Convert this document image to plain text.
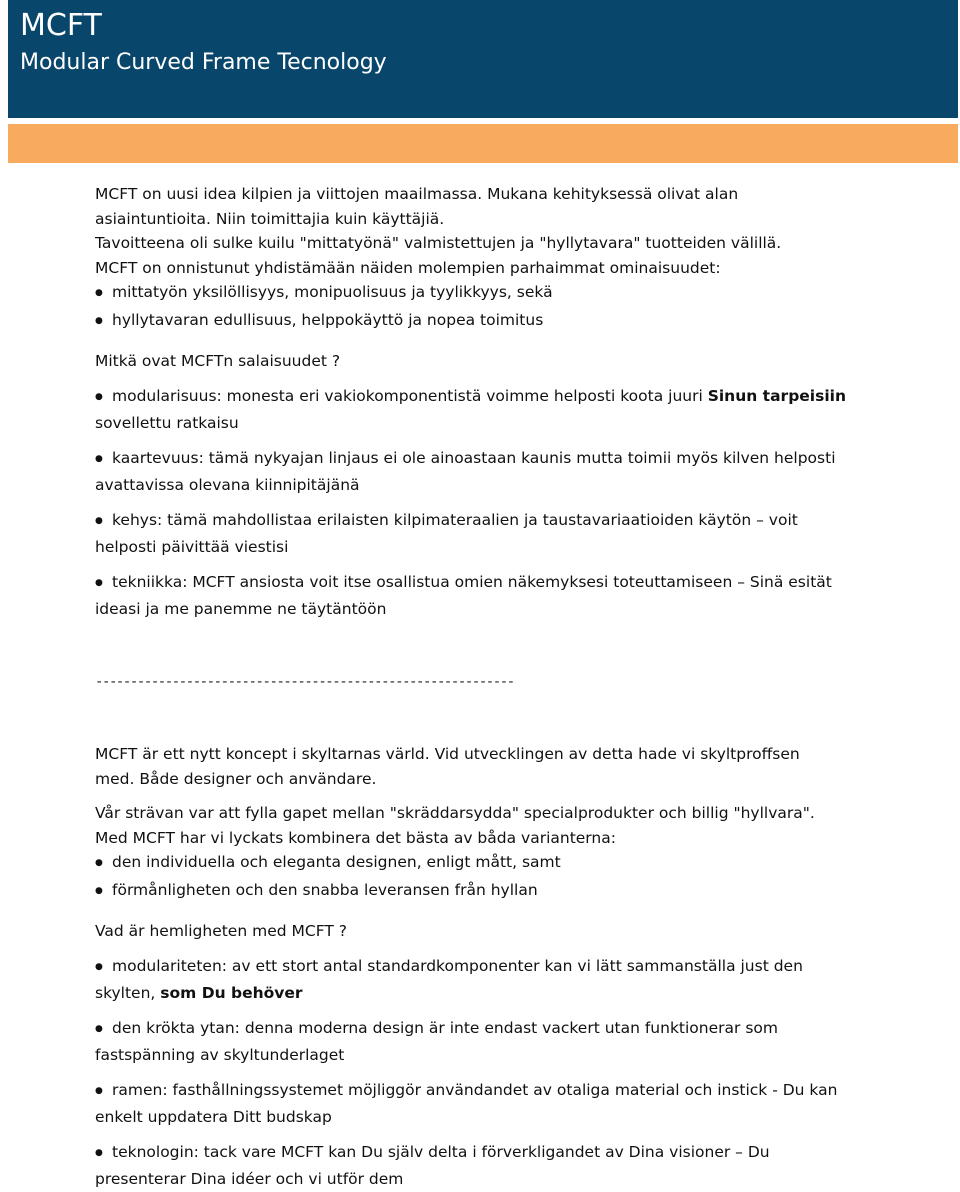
MCFT
Modular Curved Frame Tecnology

MCFT on uusi idea kilpien ja viittojen maailmassa. Mukana kehityksessä olivat alan

asiaintuntioita. Niin toimittajia kuin käyttäjiä.

Tavoitteena oli sulke kuilu "mittatyönä" valmistettujen ja "hyllytavara" tuotteiden välillä.

MCFT on onnistunut yhdistämään näiden molempien parhaimmat ominaisuudet:

●mittatyön yksilöllisyys, monipuolisuus ja tyylikkyys, sekä

●hyllytavaran edullisuus, helppokäyttö ja nopea toimitus

Mitkä ovat MCFTn salaisuudet ?

●modularisuus: monesta eri vakiokomponentistä voimme helposti koota juuri Sinun tarpeisiin

sovellettu ratkaisu

●kaartevuus: tämä nykyajan linjaus ei ole ainoastaan kaunis mutta toimii myös kilven helposti

avattavissa olevana kiinnipitäjänä

●kehys: tämä mahdollistaa erilaisten kilpimateraalien ja taustavariaatioiden käytön – voit

helposti päivittää viestisi

●tekniikka: MCFT ansiosta voit itse osallistua omien näkemyksesi toteuttamiseen – Sinä esität

ideasi ja me panemme ne täytäntöön

------------------------------------------------------------

MCFT är ett nytt koncept i skyltarnas värld. Vid utvecklingen av detta hade vi skyltproffsen

med. Både designer och användare.

Vår strävan var att fylla gapet mellan "skräddarsydda" specialprodukter och billig "hyllvara".

Med MCFT har vi lyckats kombinera det bästa av båda varianterna:

●den individuella och eleganta designen, enligt mått, samt

●förmånligheten och den snabba leveransen från hyllan

Vad är hemligheten med MCFT ?

●modulariteten: av ett stort antal standardkomponenter kan vi lätt sammanställa just den

skylten, som Du behöver

●den krökta ytan: denna moderna design är inte endast vackert utan funktionerar som

fastspänning av skyltunderlaget

●ramen: fasthållningssystemet möjliggör användandet av otaliga material och instick - Du kan

enkelt uppdatera Ditt budskap

●teknologin: tack vare MCFT kan Du själv delta i förverkligandet av Dina visioner – Du

presenterar Dina idéer och vi utför dem
